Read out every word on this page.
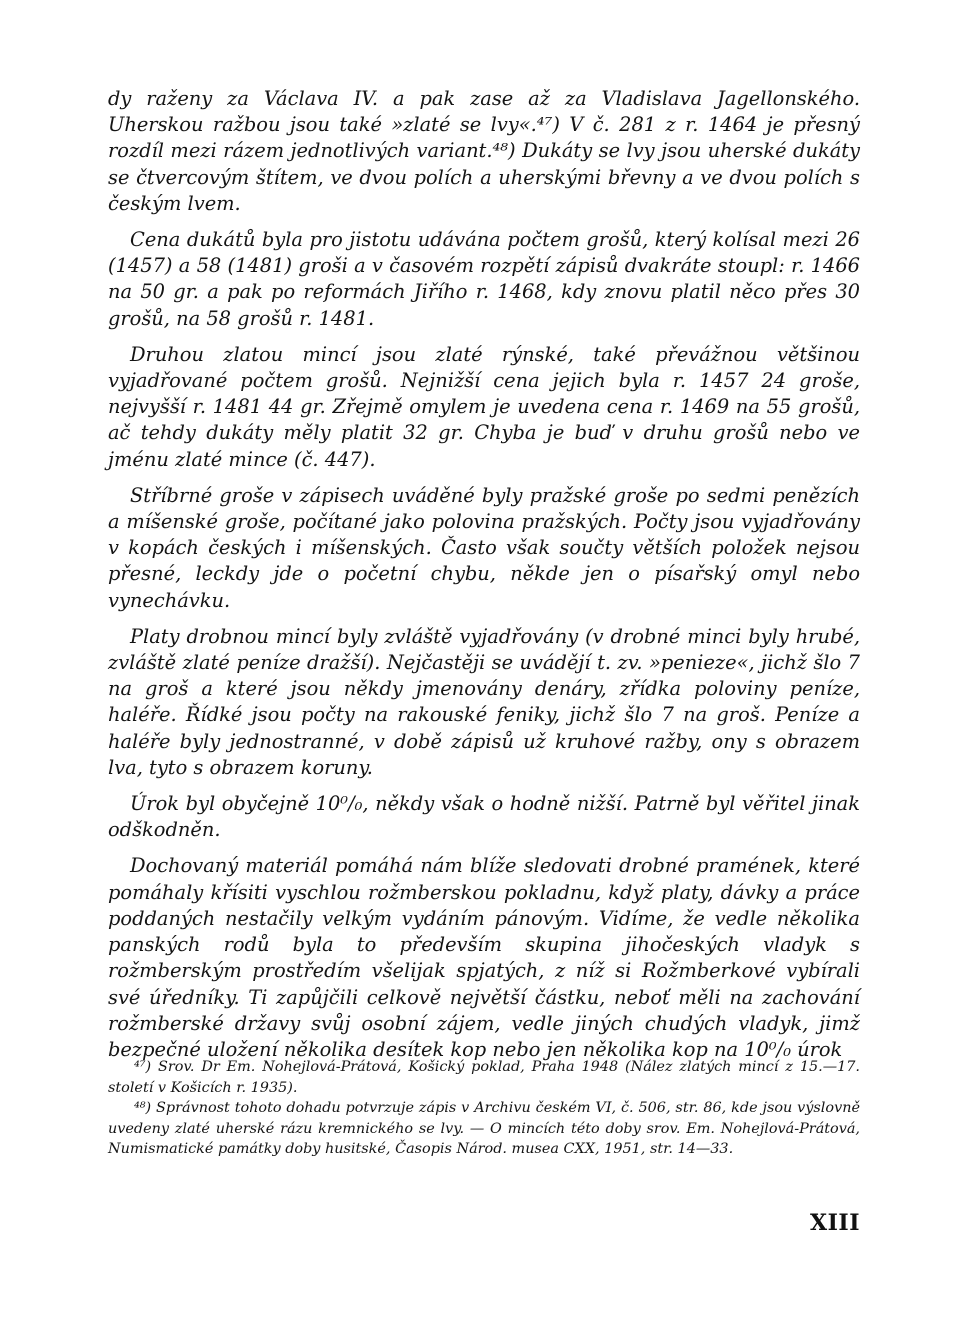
dy raženy za Václava IV. a pak zase až za Vladislava Jagellonského. Uherskou ražbou jsou také »zlaté se lvy«.⁴⁷) V č. 281 z r. 1464 je přesný rozdíl mezi rázem jednotlivých variant.⁴⁸) Dukáty se lvy jsou uherské dukáty se čtvercovým štítem, ve dvou polích a uherskými břevny a ve dvou polích s českým lvem.

Cena dukátů byla pro jistotu udávána počtem grošů, který kolísal mezi 26 (1457) a 58 (1481) groši a v časovém rozpětí zápisů dvakráte stoupl: r. 1466 na 50 gr. a pak po reformách Jiřího r. 1468, kdy znovu platil něco přes 30 grošů, na 58 grošů r. 1481.

Druhou zlatou mincí jsou zlaté rýnské, také převážnou většinou vyjadřované počtem grošů. Nejnižší cena jejich byla r. 1457 24 groše, nejvyšší r. 1481 44 gr. Zřejmě omylem je uvedena cena r. 1469 na 55 grošů, ač tehdy dukáty měly platit 32 gr. Chyba je buď v druhu grošů nebo ve jménu zlaté mince (č. 447).

Stříbrné groše v zápisech uváděné byly pražské groše po sedmi penězích a míšenské groše, počítané jako polovina pražských. Počty jsou vyjadřovány v kopách českých i míšenských. Často však součty větších položek nejsou přesné, leckdy jde o početní chybu, někde jen o písařský omyl nebo vynechávku.

Platy drobnou mincí byly zvláště vyjadřovány (v drobné minci byly hrubé, zvláště zlaté peníze dražší). Nejčastěji se uvádějí t. zv. »penieze«, jichž šlo 7 na groš a které jsou někdy jmenovány denáry, zřídka poloviny peníze, haléře. Řídké jsou počty na rakouské feniky, jichž šlo 7 na groš. Peníze a haléře byly jednostranné, v době zápisů už kruhové ražby, ony s obrazem lva, tyto s obrazem koruny.

Úrok byl obyčejně 10⁰/₀, někdy však o hodně nižší. Patrně byl věřitel jinak odškodněn.

Dochovaný materiál pomáhá nám blíže sledovati drobné pramének, které pomáhaly křísiti vyschlou rožmberskou pokladnu, když platy, dávky a práce poddaných nestačily velkým vydáním pánovým. Vidíme, že vedle několika panských rodů byla to především skupina jihočeských vladyk s rožmberským prostředím všelijak spjatých, z níž si Rožmberkové vybírali své úředníky. Ti zapůjčili celkově největší částku, neboť měli na zachování rožmberské državy svůj osobní zájem, vedle jiných chudých vladyk, jimž bezpečné uložení několika desítek kop nebo jen několika kop na 10⁰/₀ úrok

⁴⁷) Srov. Dr Em. Nohejlová-Prátová, Košický poklad, Praha 1948 (Nález zlatých mincí z 15.—17. století v Košicích r. 1935).

⁴⁸) Správnost tohoto dohadu potvrzuje zápis v Archivu českém VI, č. 506, str. 86, kde jsou výslovně uvedeny zlaté uherské rázu kremnického se lvy. — O mincích této doby srov. Em. Nohejlová-Prátová, Numismatické památky doby husitské, Časopis Národ. musea CXX, 1951, str. 14—33.

XIII
